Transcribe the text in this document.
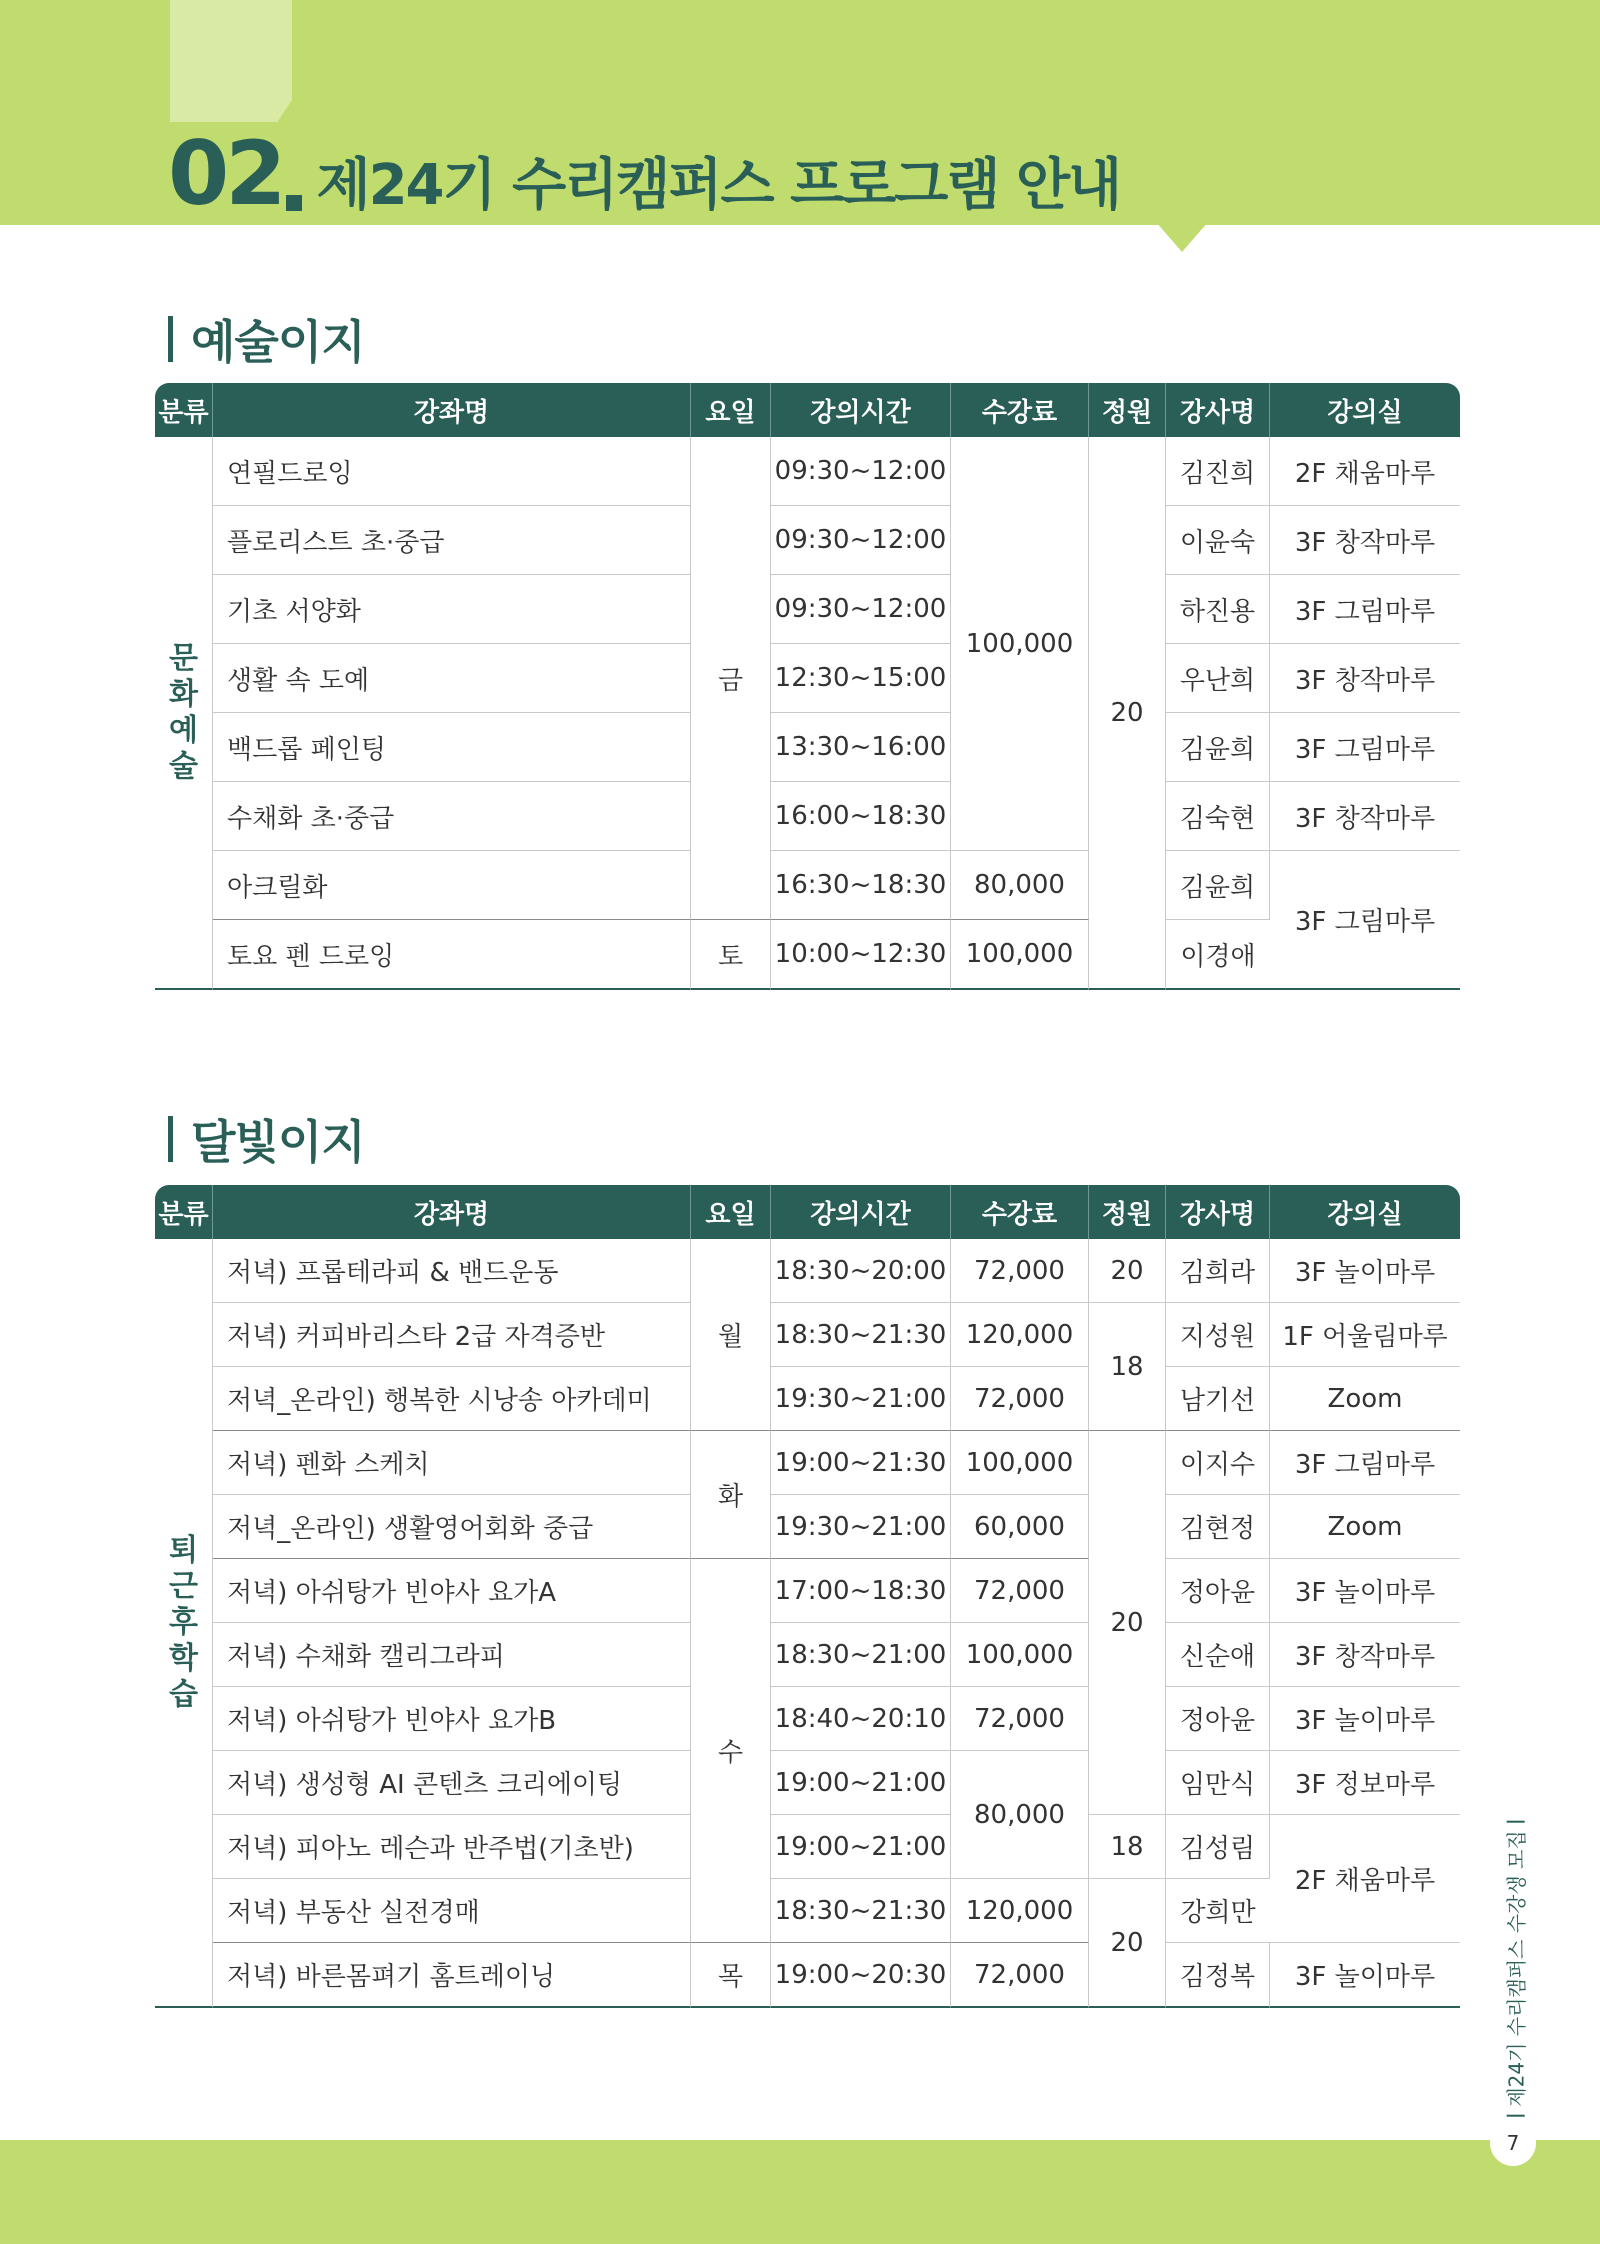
02 제24기 수리캠퍼스 프로그램 안내
예술이지
분류	강좌명	요일	강의시간	수강료	정원	강사명	강의실

문화예술	연필드로잉	금	09:30~12:00	100,000	20	김진희	2F 채움마루
	플로리스트 초·중급		09:30~12:00			이윤숙	3F 창작마루
	기초 서양화		09:30~12:00			하진용	3F 그림마루
	생활 속 도예		12:30~15:00			우난희	3F 창작마루
	백드롭 페인팅		13:30~16:00			김윤희	3F 그림마루
	수채화 초·중급		16:00~18:30			김숙현	3F 창작마루
	아크릴화		16:30~18:30	80,000		김윤희	3F 그림마루
	토요 펜 드로잉	토	10:00~12:30	100,000		이경애	
달빛이지
분류	강좌명	요일	강의시간	수강료	정원	강사명	강의실

퇴근후 학습	저녁) 프롭테라피 & 밴드운동	월	18:30~20:00	72,000	20	김희라	3F 놀이마루
	저녁) 커피바리스타 2급 자격증반		18:30~21:30	120,000	18	지성원	1F 어울림마루
	저녁_온라인) 행복한 시낭송 아카데미		19:30~21:00	72,000		남기선	Zoom
	저녁) 펜화 스케치	화	19:00~21:30	100,000	20	이지수	3F 그림마루
	저녁_온라인) 생활영어회화 중급		19:30~21:00	60,000		김현정	Zoom
	저녁) 아쉬탕가 빈야사 요가A	수	17:00~18:30	72,000		정아윤	3F 놀이마루
	저녁) 수채화 캘리그라피		18:30~21:00	100,000		신순애	3F 창작마루
	저녁) 아쉬탕가 빈야사 요가B		18:40~20:10	72,000		정아윤	3F 놀이마루
	저녁) 생성형 AI 콘텐츠 크리에이팅		19:00~21:00	80,000		임만식	3F 정보마루
	저녁) 피아노 레슨과 반주법(기초반)		19:00~21:00		18	김성림	2F 채움마루
	저녁) 부동산 실전경매		18:30~21:30	120,000	20	강희만	
	저녁) 바른몸펴기 홈트레이닝	목	19:00~20:30	72,000		김정복	3F 놀이마루	제24기 수리캠퍼스 수강생 모집
7
